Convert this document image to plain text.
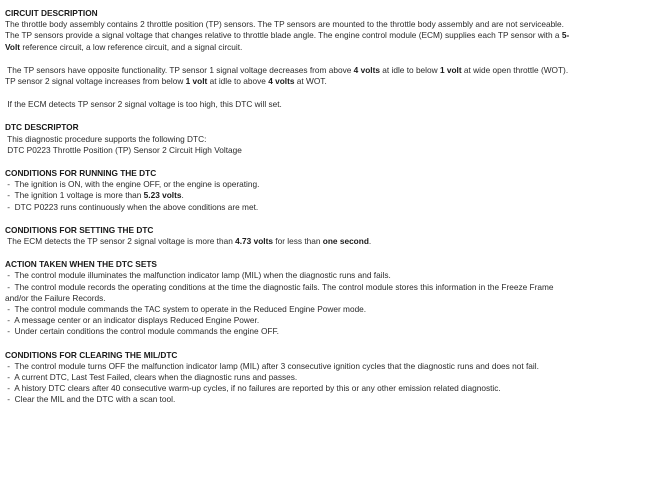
CIRCUIT DESCRIPTION
The throttle body assembly contains 2 throttle position (TP) sensors. The TP sensors are mounted to the throttle body assembly and are not serviceable.
The TP sensors provide a signal voltage that changes relative to throttle blade angle. The engine control module (ECM) supplies each TP sensor with a 5-
Volt reference circuit, a low reference circuit, and a signal circuit.
The TP sensors have opposite functionality. TP sensor 1 signal voltage decreases from above 4 volts at idle to below 1 volt at wide open throttle (WOT).
TP sensor 2 signal voltage increases from below 1 volt at idle to above 4 volts at WOT.
If the ECM detects TP sensor 2 signal voltage is too high, this DTC will set.
DTC DESCRIPTOR
This diagnostic procedure supports the following DTC:
DTC P0223 Throttle Position (TP) Sensor 2 Circuit High Voltage
CONDITIONS FOR RUNNING THE DTC
-  The ignition is ON, with the engine OFF, or the engine is operating.
-  The ignition 1 voltage is more than 5.23 volts.
-  DTC P0223 runs continuously when the above conditions are met.
CONDITIONS FOR SETTING THE DTC
The ECM detects the TP sensor 2 signal voltage is more than 4.73 volts for less than one second.
ACTION TAKEN WHEN THE DTC SETS
-  The control module illuminates the malfunction indicator lamp (MIL) when the diagnostic runs and fails.
-  The control module records the operating conditions at the time the diagnostic fails. The control module stores this information in the Freeze Frame
and/or the Failure Records.
-  The control module commands the TAC system to operate in the Reduced Engine Power mode.
-  A message center or an indicator displays Reduced Engine Power.
-  Under certain conditions the control module commands the engine OFF.
CONDITIONS FOR CLEARING THE MIL/DTC
-  The control module turns OFF the malfunction indicator lamp (MIL) after 3 consecutive ignition cycles that the diagnostic runs and does not fail.
-  A current DTC, Last Test Failed, clears when the diagnostic runs and passes.
-  A history DTC clears after 40 consecutive warm-up cycles, if no failures are reported by this or any other emission related diagnostic.
-  Clear the MIL and the DTC with a scan tool.
